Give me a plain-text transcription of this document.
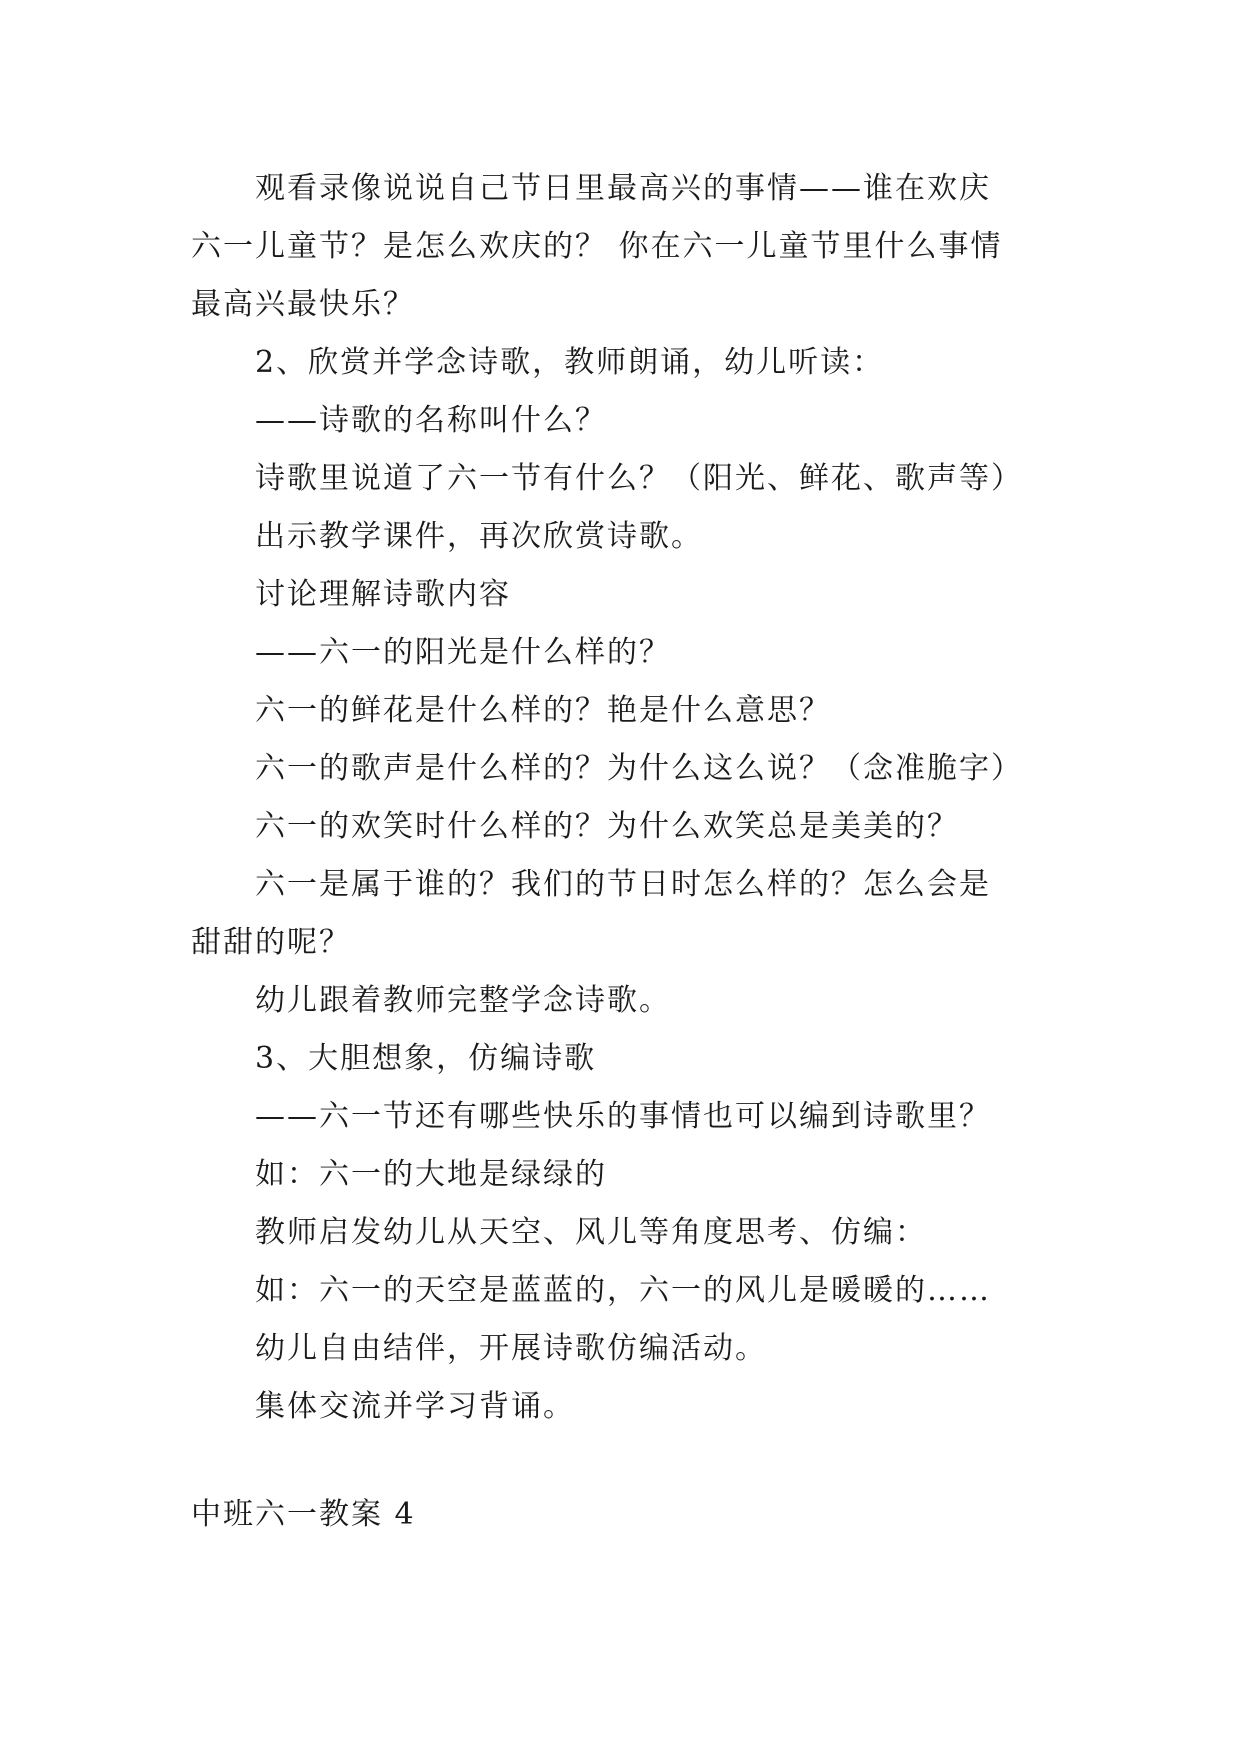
观看录像说说自己节日里最高兴的事情——谁在欢庆
六一儿童节？是怎么欢庆的？ 你在六一儿童节里什么事情
最高兴最快乐？
2、欣赏并学念诗歌，教师朗诵，幼儿听读：
——诗歌的名称叫什么？
诗歌里说道了六一节有什么？（阳光、鲜花、歌声等）
出示教学课件，再次欣赏诗歌。
讨论理解诗歌内容
——六一的阳光是什么样的？
六一的鲜花是什么样的？艳是什么意思？
六一的歌声是什么样的？为什么这么说？（念准脆字）
六一的欢笑时什么样的？为什么欢笑总是美美的？
六一是属于谁的？我们的节日时怎么样的？怎么会是
甜甜的呢？
幼儿跟着教师完整学念诗歌。
3、大胆想象，仿编诗歌
——六一节还有哪些快乐的事情也可以编到诗歌里？
如：六一的大地是绿绿的
教师启发幼儿从天空、风儿等角度思考、仿编：
如：六一的天空是蓝蓝的，六一的风儿是暖暖的……
幼儿自由结伴，开展诗歌仿编活动。
集体交流并学习背诵。
中班六一教案 4
